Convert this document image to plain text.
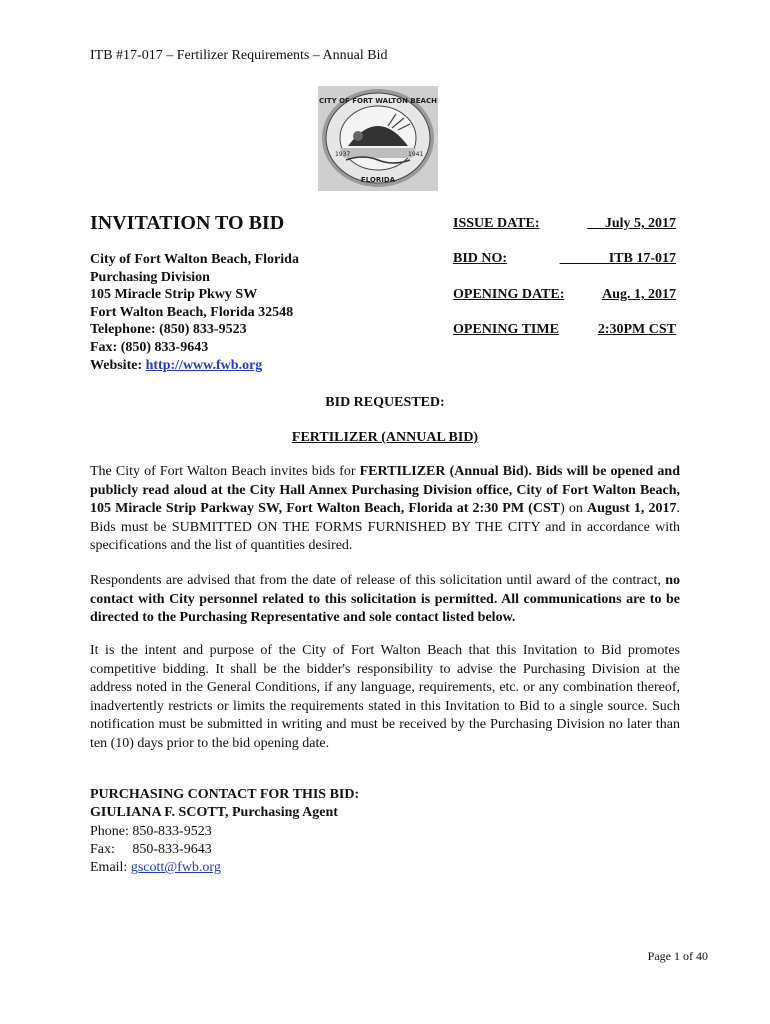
ITB #17-017 – Fertilizer Requirements – Annual Bid
CITY OF FORT WALTON BEACH
FLORIDA
1937	1941
INVITATION TO BID
City of Fort Walton Beach, Florida
Purchasing Division
105 Miracle Strip Pkwy SW
Fort Walton Beach, Florida 32548
Telephone: (850) 833-9523
Fax: (850) 833-9643
Website: http://www.fwb.org
ISSUE DATE:	__ July 5, 2017
BID NO:	_____ _ ITB 17-017
OPENING DATE:	Aug. 1, 2017
OPENING TIME	2:30PM CST
BID REQUESTED:
FERTILIZER (ANNUAL BID)
The City of Fort Walton Beach invites bids for FERTILIZER (Annual Bid). Bids will be opened and publicly read aloud at the City Hall Annex Purchasing Division office, City of Fort Walton Beach, 105 Miracle Strip Parkway SW, Fort Walton Beach, Florida at 2:30 PM (CST) on August 1, 2017. Bids must be SUBMITTED ON THE FORMS FURNISHED BY THE CITY and in accordance with specifications and the list of quantities desired.
Respondents are advised that from the date of release of this solicitation until award of the contract, no contact with City personnel related to this solicitation is permitted. All communications are to be directed to the Purchasing Representative and sole contact listed below.
It is the intent and purpose of the City of Fort Walton Beach that this Invitation to Bid promotes competitive bidding. It shall be the bidder's responsibility to advise the Purchasing Division at the address noted in the General Conditions, if any language, requirements, etc. or any combination thereof, inadvertently restricts or limits the requirements stated in this Invitation to Bid to a single source. Such notification must be submitted in writing and must be received by the Purchasing Division no later than ten (10) days prior to the bid opening date.
PURCHASING CONTACT FOR THIS BID:
GIULIANA F. SCOTT, Purchasing Agent
Phone: 850-833-9523
Fax:     850-833-9643
Email: gscott@fwb.org
Page 1 of 40
